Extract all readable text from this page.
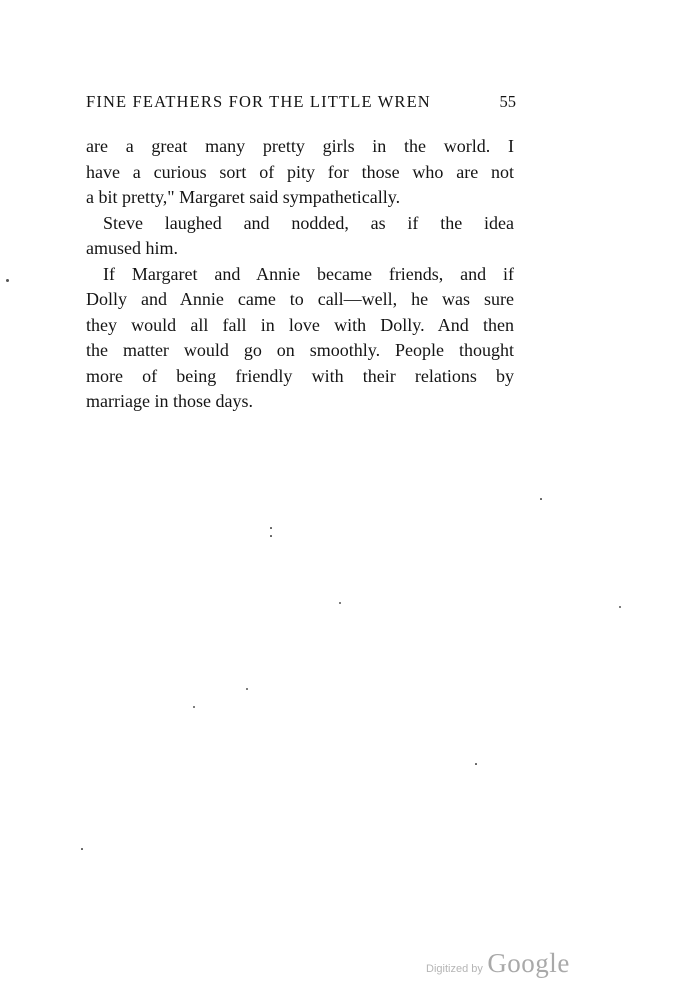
FINE FEATHERS FOR THE LITTLE WREN	55

are a great many pretty girls in the world. I
have a curious sort of pity for those who are not
a bit pretty," Margaret said sympathetically.

Steve laughed and nodded, as if the idea
amused him.

If Margaret and Annie became friends, and if
Dolly and Annie came to call—well, he was sure
they would all fall in love with Dolly. And then
the matter would go on smoothly. People thought
more of being friendly with their relations by
marriage in those days.

Digitized by Google
